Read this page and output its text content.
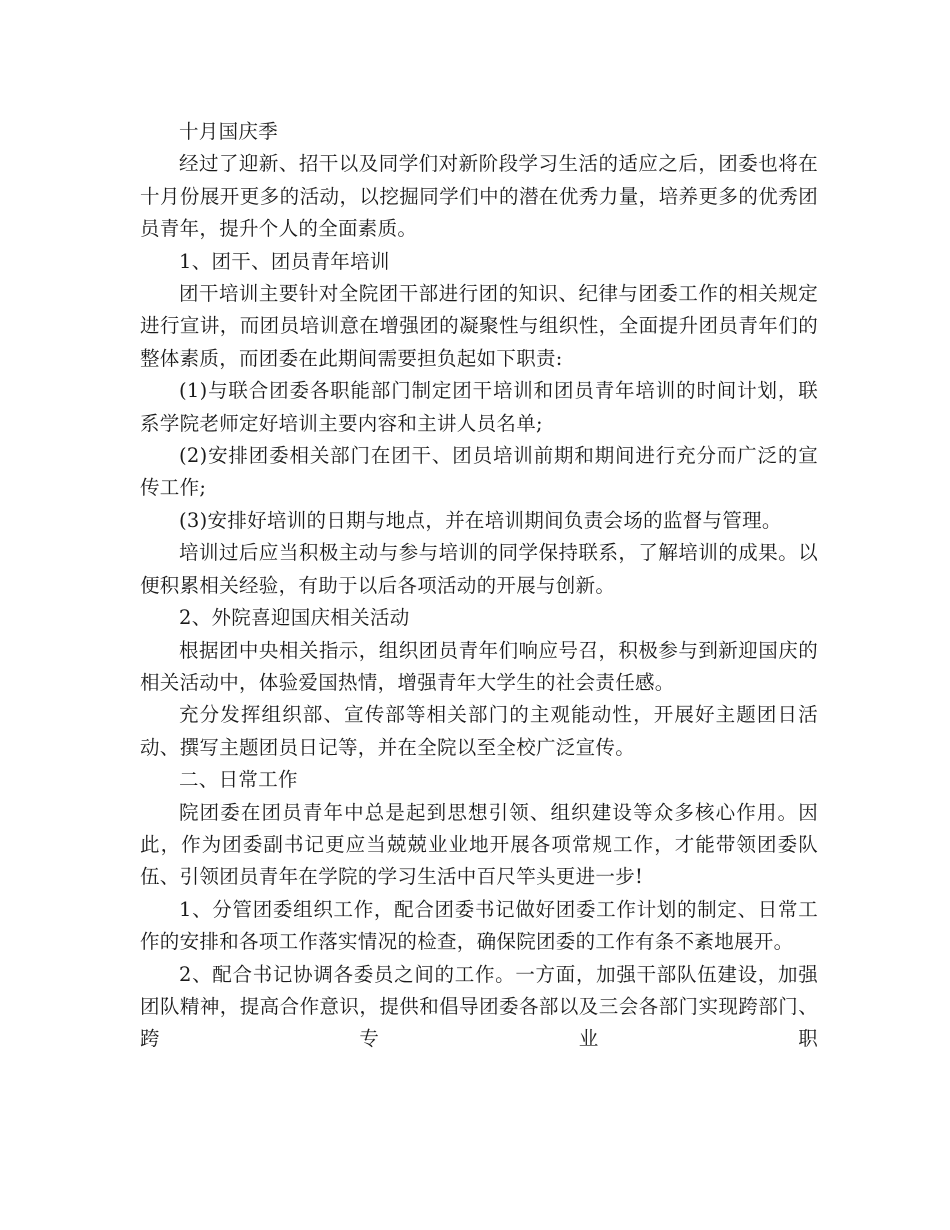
十月国庆季

经过了迎新、招干以及同学们对新阶段学习生活的适应之后，团委也将在十月份展开更多的活动，以挖掘同学们中的潜在优秀力量，培养更多的优秀团员青年，提升个人的全面素质。

1、团干、团员青年培训

团干培训主要针对全院团干部进行团的知识、纪律与团委工作的相关规定进行宣讲，而团员培训意在增强团的凝聚性与组织性，全面提升团员青年们的整体素质，而团委在此期间需要担负起如下职责:

(1)与联合团委各职能部门制定团干培训和团员青年培训的时间计划，联系学院老师定好培训主要内容和主讲人员名单;

(2)安排团委相关部门在团干、团员培训前期和期间进行充分而广泛的宣传工作;

(3)安排好培训的日期与地点，并在培训期间负责会场的监督与管理。

培训过后应当积极主动与参与培训的同学保持联系，了解培训的成果。以便积累相关经验，有助于以后各项活动的开展与创新。

2、外院喜迎国庆相关活动

根据团中央相关指示，组织团员青年们响应号召，积极参与到新迎国庆的相关活动中，体验爱国热情，增强青年大学生的社会责任感。

充分发挥组织部、宣传部等相关部门的主观能动性，开展好主题团日活动、撰写主题团员日记等，并在全院以至全校广泛宣传。

二、日常工作

院团委在团员青年中总是起到思想引领、组织建设等众多核心作用。因此，作为团委副书记更应当兢兢业业地开展各项常规工作，才能带领团委队伍、引领团员青年在学院的学习生活中百尺竿头更进一步!

1、分管团委组织工作，配合团委书记做好团委工作计划的制定、日常工作的安排和各项工作落实情况的检查，确保院团委的工作有条不紊地展开。

2、配合书记协调各委员之间的工作。一方面，加强干部队伍建设，加强团队精神，提高合作意识，提供和倡导团委各部以及三会各部门实现跨部门、跨专业职
